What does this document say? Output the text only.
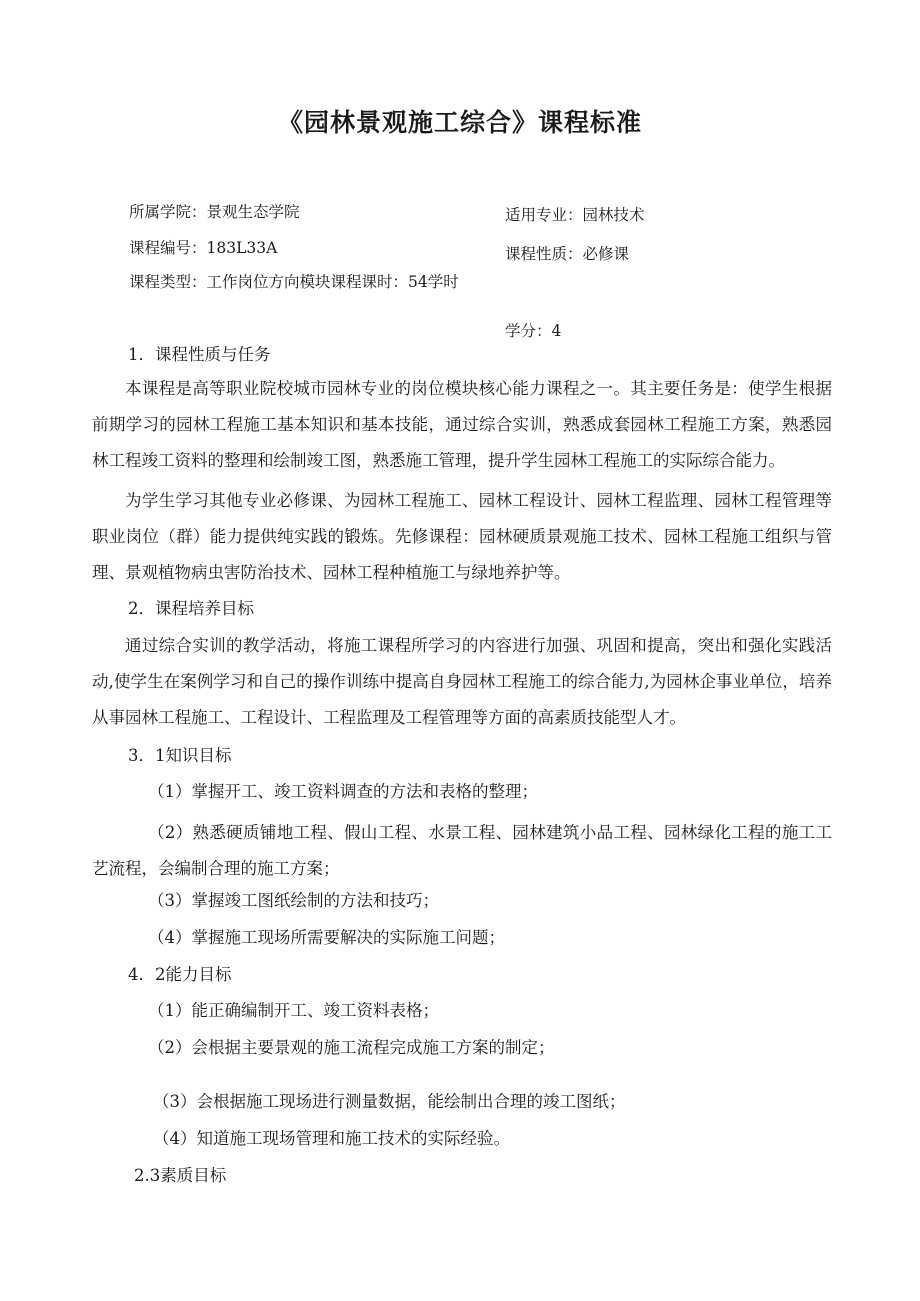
《园林景观施工综合》课程标准

所属学院：景观生态学院	适用专业：园林技术

课程编号：183L33A	课程性质：必修课

课程类型：工作岗位方向模块课程课时：54学时

学分：4

1．课程性质与任务

本课程是高等职业院校城市园林专业的岗位模块核心能力课程之一。其主要任务是：使学生根据前期学习的园林工程施工基本知识和基本技能，通过综合实训，熟悉成套园林工程施工方案，熟悉园林工程竣工资料的整理和绘制竣工图，熟悉施工管理，提升学生园林工程施工的实际综合能力。

为学生学习其他专业必修课、为园林工程施工、园林工程设计、园林工程监理、园林工程管理等职业岗位（群）能力提供纯实践的锻炼。先修课程：园林硬质景观施工技术、园林工程施工组织与管理、景观植物病虫害防治技术、园林工程种植施工与绿地养护等。

2．课程培养目标

通过综合实训的教学活动，将施工课程所学习的内容进行加强、巩固和提高，突出和强化实践活动,使学生在案例学习和自己的操作训练中提高自身园林工程施工的综合能力,为园林企事业单位，培养从事园林工程施工、工程设计、工程监理及工程管理等方面的高素质技能型人才。

3．1知识目标

（1）掌握开工、竣工资料调查的方法和表格的整理；

（2）熟悉硬质铺地工程、假山工程、水景工程、园林建筑小品工程、园林绿化工程的施工工艺流程，会编制合理的施工方案；

（3）掌握竣工图纸绘制的方法和技巧；

（4）掌握施工现场所需要解决的实际施工问题；

4．2能力目标

（1）能正确编制开工、竣工资料表格；

（2）会根据主要景观的施工流程完成施工方案的制定；

（3）会根据施工现场进行测量数据，能绘制出合理的竣工图纸；

（4）知道施工现场管理和施工技术的实际经验。

2.3素质目标
